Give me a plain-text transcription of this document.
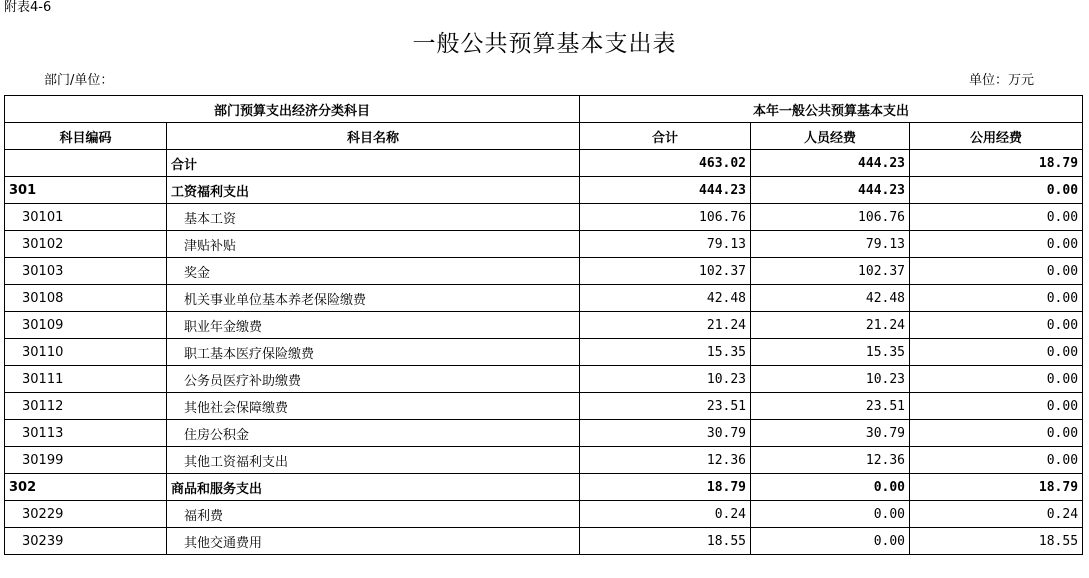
附表4-6
一般公共预算基本支出表
部门/单位：	单位：万元
部门预算支出经济分类科目		本年一般公共预算基本支出		
科目编码	科目名称	合计	人员经费	公用经费
	合计	463.02	444.23	18.79
301	工资福利支出	444.23	444.23	0.00
30101	基本工资	106.76	106.76	0.00
30102	津贴补贴	79.13	79.13	0.00
30103	奖金	102.37	102.37	0.00
30108	机关事业单位基本养老保险缴费	42.48	42.48	0.00
30109	职业年金缴费	21.24	21.24	0.00
30110	职工基本医疗保险缴费	15.35	15.35	0.00
30111	公务员医疗补助缴费	10.23	10.23	0.00
30112	其他社会保障缴费	23.51	23.51	0.00
30113	住房公积金	30.79	30.79	0.00
30199	其他工资福利支出	12.36	12.36	0.00
302	商品和服务支出	18.79	0.00	18.79
30229	福利费	0.24	0.00	0.24
30239	其他交通费用	18.55	0.00	18.55
